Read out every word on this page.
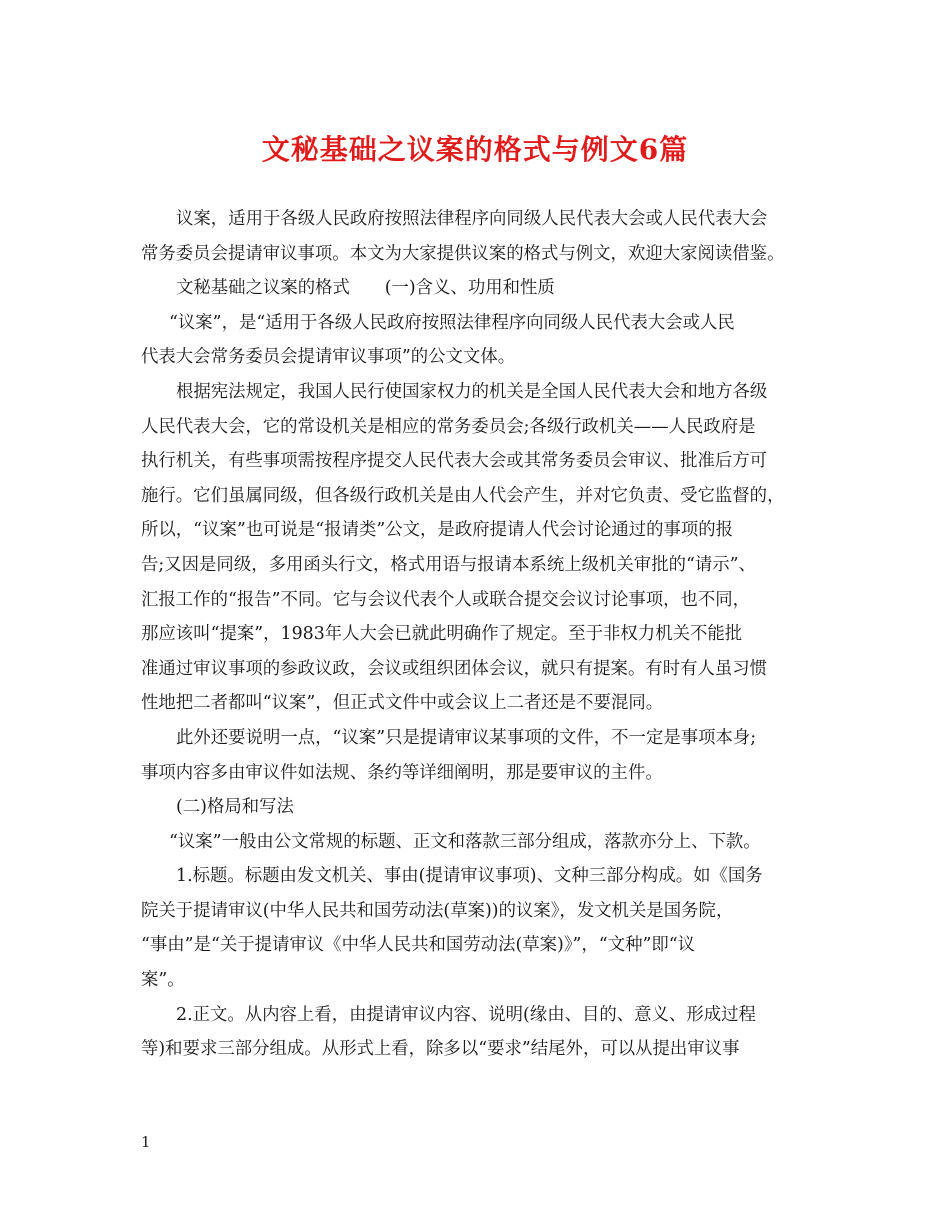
文秘基础之议案的格式与例文6篇
议案，适用于各级人民政府按照法律程序向同级人民代表大会或人民代表大会
常务委员会提请审议事项。本文为大家提供议案的格式与例文，欢迎大家阅读借鉴。
文秘基础之议案的格式　　(一)含义、功用和性质
“议案”，是“适用于各级人民政府按照法律程序向同级人民代表大会或人民
代表大会常务委员会提请审议事项”的公文文体。
根据宪法规定，我国人民行使国家权力的机关是全国人民代表大会和地方各级
人民代表大会，它的常设机关是相应的常务委员会;各级行政机关——人民政府是
执行机关，有些事项需按程序提交人民代表大会或其常务委员会审议、批准后方可
施行。它们虽属同级，但各级行政机关是由人代会产生，并对它负责、受它监督的，
所以，“议案”也可说是“报请类”公文，是政府提请人代会讨论通过的事项的报
告;又因是同级，多用函头行文，格式用语与报请本系统上级机关审批的“请示”、
汇报工作的“报告”不同。它与会议代表个人或联合提交会议讨论事项，也不同，
那应该叫“提案”，1983年人大会已就此明确作了规定。至于非权力机关不能批
准通过审议事项的参政议政，会议或组织团体会议，就只有提案。有时有人虽习惯
性地把二者都叫“议案”，但正式文件中或会议上二者还是不要混同。
此外还要说明一点，“议案”只是提请审议某事项的文件，不一定是事项本身;
事项内容多由审议件如法规、条约等详细阐明，那是要审议的主件。
(二)格局和写法
“议案”一般由公文常规的标题、正文和落款三部分组成，落款亦分上、下款。
1.标题。标题由发文机关、事由(提请审议事项)、文种三部分构成。如《国务
院关于提请审议(中华人民共和国劳动法(草案))的议案》，发文机关是国务院，
“事由”是“关于提请审议《中华人民共和国劳动法(草案)》”，“文种”即“议
案”。
2.正文。从内容上看，由提请审议内容、说明(缘由、目的、意义、形成过程
等)和要求三部分组成。从形式上看，除多以“要求”结尾外，可以从提出审议事
1
